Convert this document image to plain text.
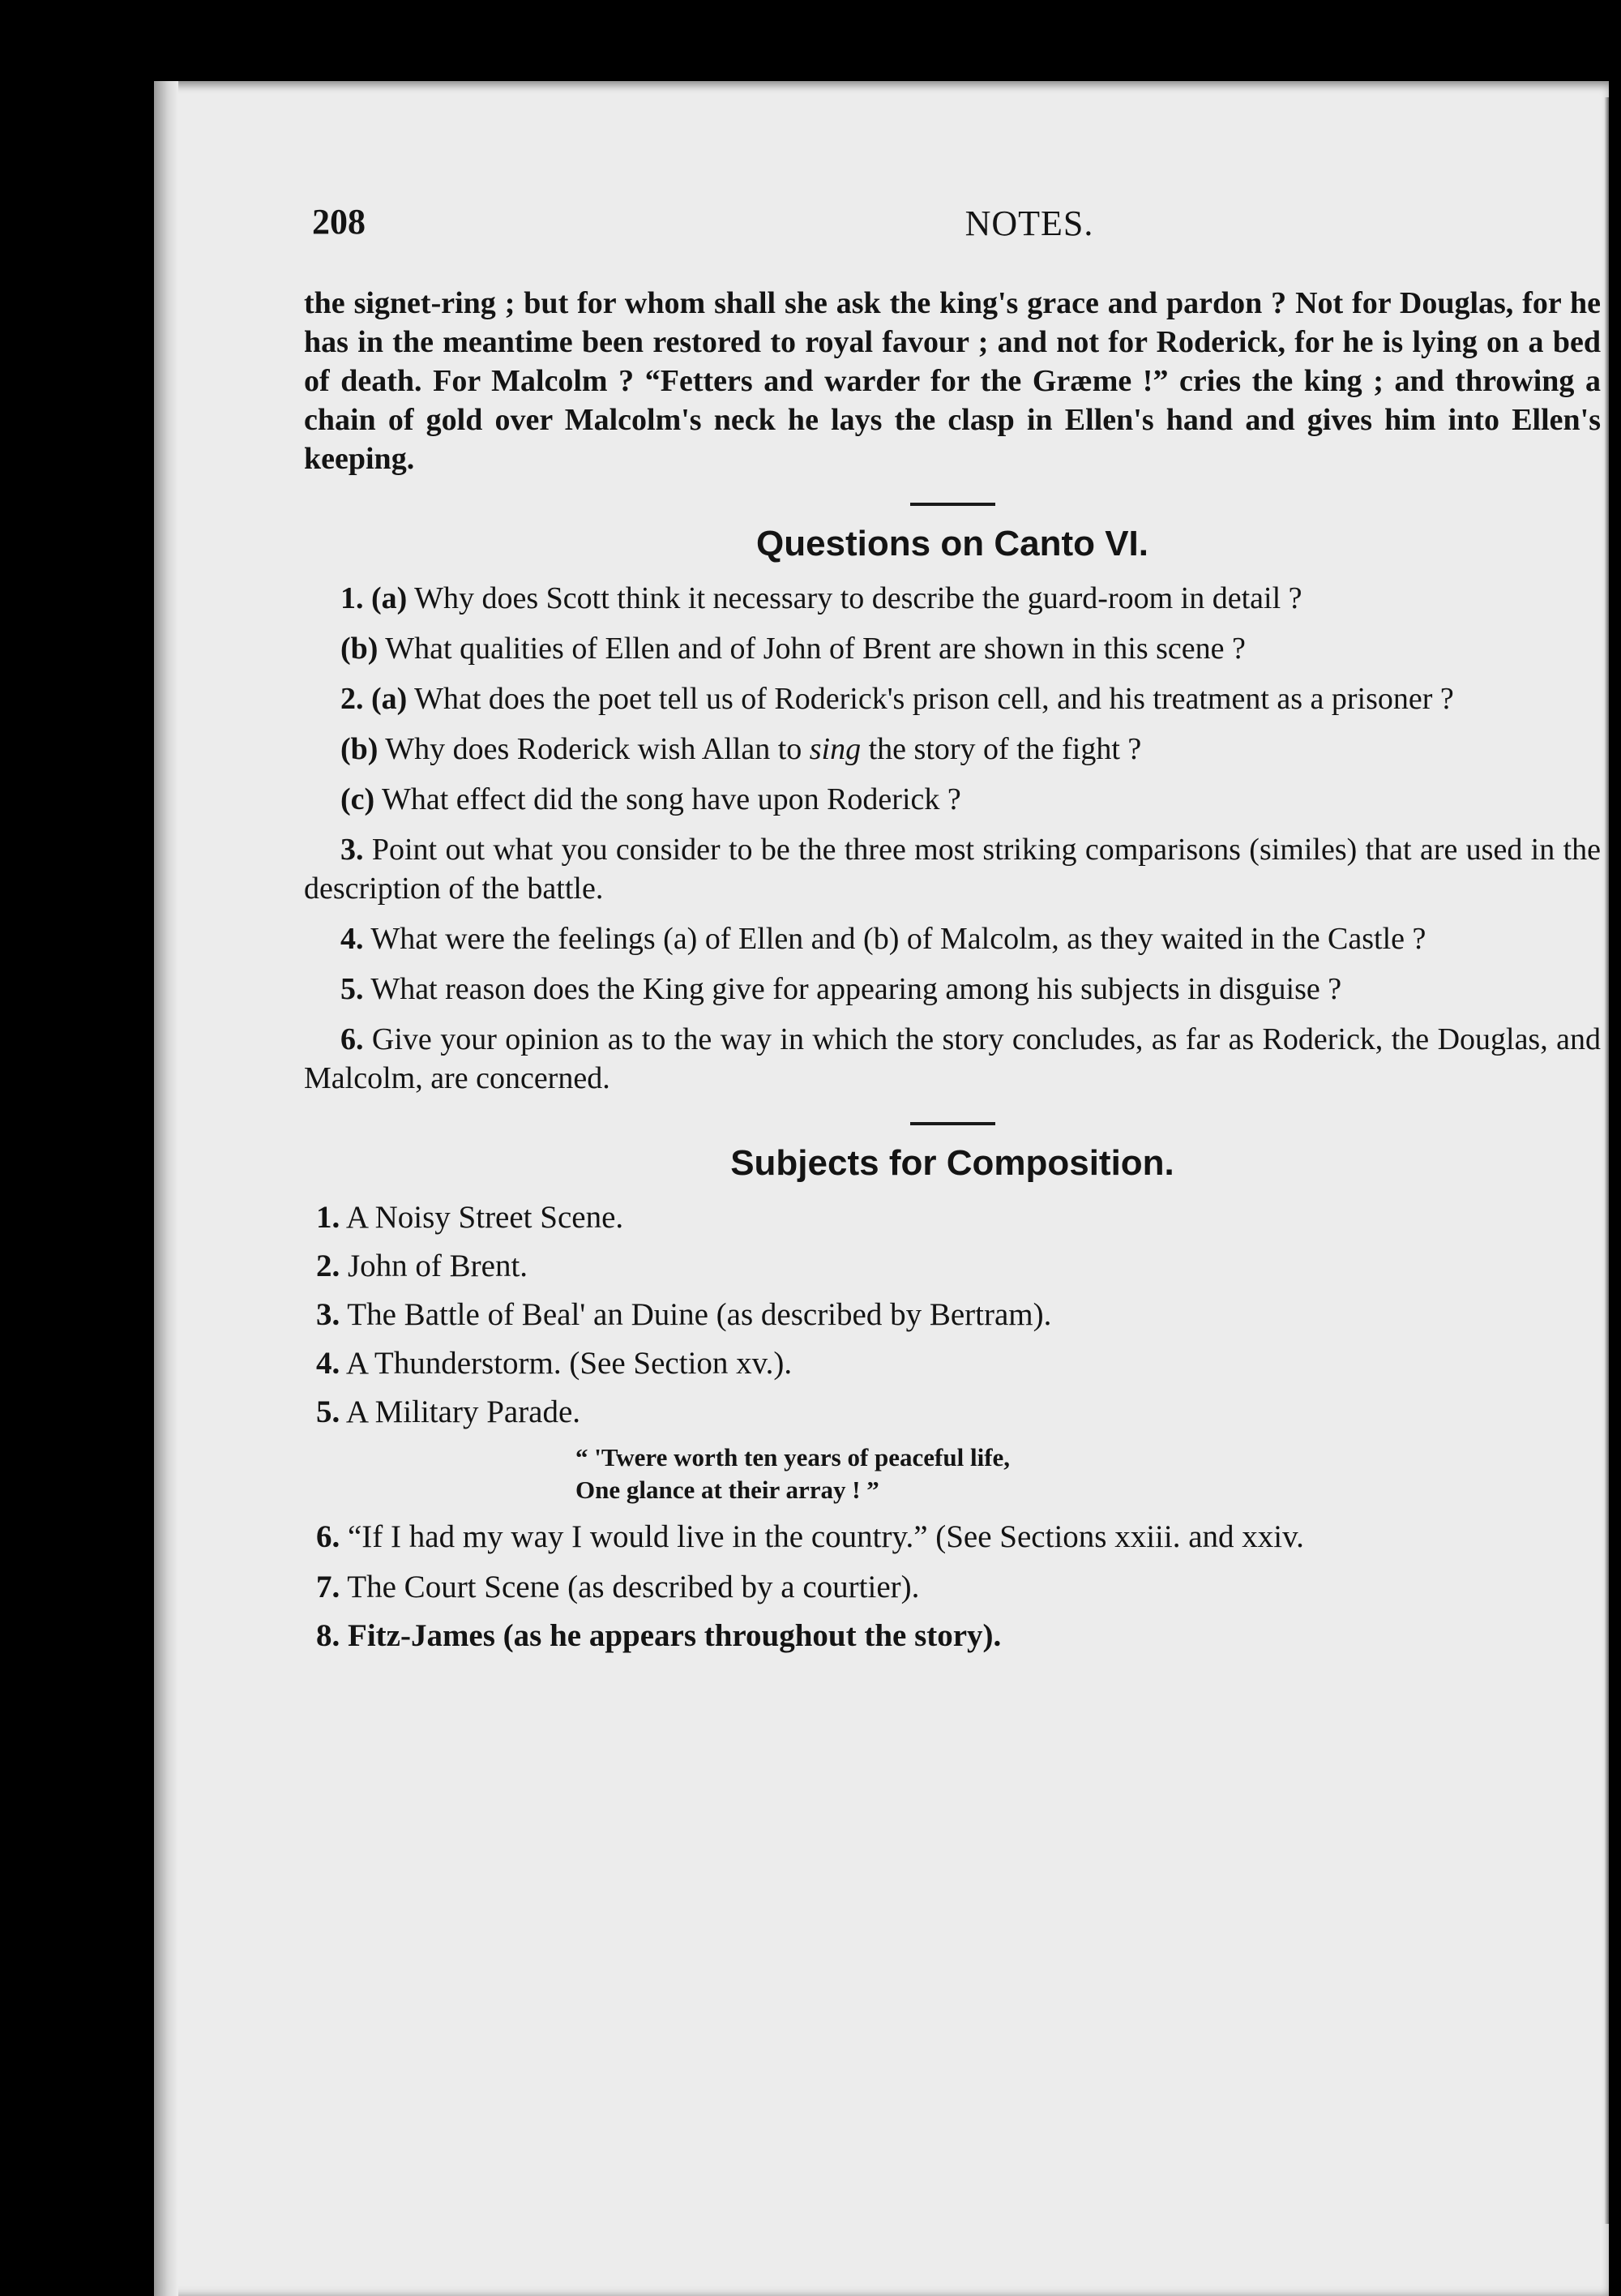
208	NOTES.

the signet-ring ; but for whom shall she ask the king's grace and pardon ? Not for Douglas, for he has in the meantime been restored to royal favour ; and not for Roderick, for he is lying on a bed of death. For Malcolm ? “Fetters and warder for the Græme !” cries the king ; and throwing a chain of gold over Malcolm's neck he lays the clasp in Ellen's hand and gives him into Ellen's keeping.

Questions on Canto VI.

1. (a) Why does Scott think it necessary to describe the guard-room in detail ?

(b) What qualities of Ellen and of John of Brent are shown in this scene ?

2. (a) What does the poet tell us of Roderick's prison cell, and his treatment as a prisoner ?

(b) Why does Roderick wish Allan to sing the story of the fight ?

(c) What effect did the song have upon Roderick ?

3. Point out what you consider to be the three most striking comparisons (similes) that are used in the description of the battle.

4. What were the feelings (a) of Ellen and (b) of Malcolm, as they waited in the Castle ?

5. What reason does the King give for appearing among his subjects in disguise ?

6. Give your opinion as to the way in which the story concludes, as far as Roderick, the Douglas, and Malcolm, are concerned.

Subjects for Composition.

1. A Noisy Street Scene.

2. John of Brent.

3. The Battle of Beal' an Duine (as described by Bertram).

4. A Thunderstorm. (See Section xv.).

5. A Military Parade.

“ 'Twere worth ten years of peaceful life,
One glance at their array ! ”

6. “If I had my way I would live in the country.” (See Sections xxiii. and xxiv.

7. The Court Scene (as described by a courtier).

8. Fitz-James (as he appears throughout the story).
